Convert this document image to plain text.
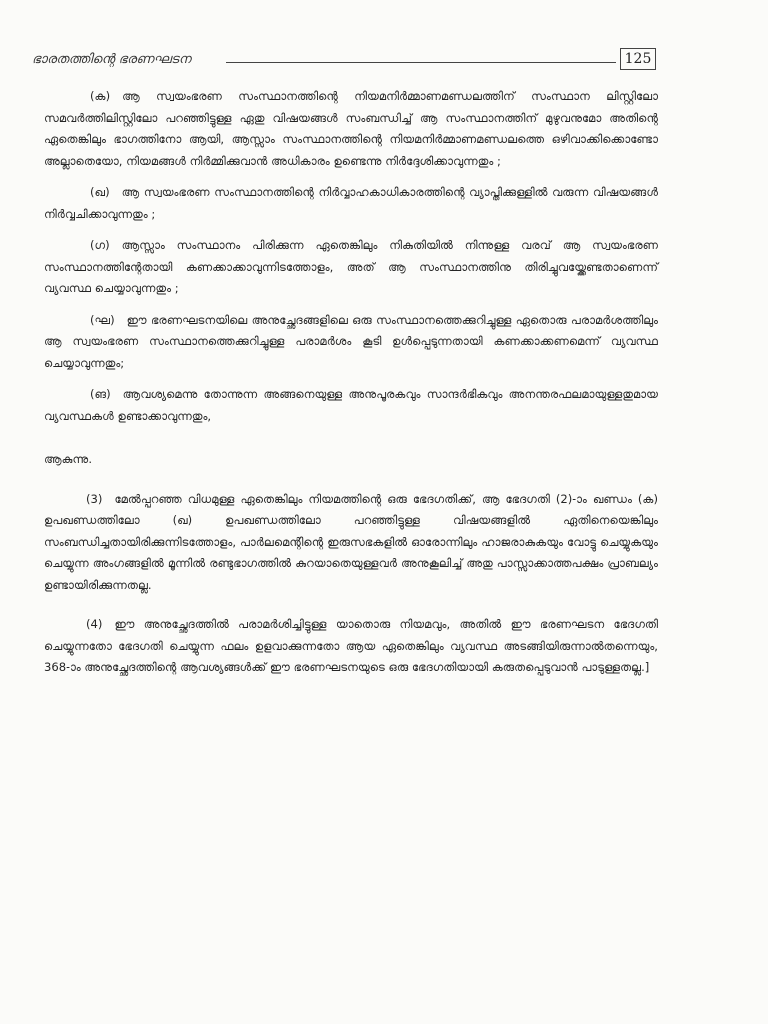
ഭാരതത്തിന്റെ ഭരണഘടന	125

(ക) ആ സ്വയംഭരണ സംസ്ഥാനത്തിന്റെ നിയമനിർമ്മാണമണ്ഡലത്തിന് സംസ്ഥാന ലിസ്റ്റിലോ സമവർത്തിലിസ്റ്റിലോ പറഞ്ഞിട്ടുള്ള ഏതു വിഷയങ്ങൾ സംബന്ധിച്ച് ആ സംസ്ഥാനത്തിന് മുഴുവനുമോ അതിന്റെ ഏതെങ്കിലും ഭാഗത്തിനോ ആയി, ആസ്സാം സംസ്ഥാനത്തിന്റെ നിയമനിർമ്മാണമണ്ഡലത്തെ ഒഴിവാക്കിക്കൊണ്ടോ അല്ലാതെയോ, നിയമങ്ങൾ നിർമ്മിക്കുവാൻ അധികാരം ഉണ്ടെന്നു നിർദ്ദേശിക്കാവുന്നതും ;

(ഖ) ആ സ്വയംഭരണ സംസ്ഥാനത്തിന്റെ നിർവ്വാഹകാധികാരത്തിന്റെ വ്യാപ്തിക്കുള്ളിൽ വരുന്ന വിഷയങ്ങൾ നിർവ്വചിക്കാവുന്നതും ;

(ഗ) ആസ്സാം സംസ്ഥാനം പിരിക്കുന്ന ഏതെങ്കിലും നികുതിയിൽ നിന്നുള്ള വരവ് ആ സ്വയംഭരണ സംസ്ഥാനത്തിന്റേതായി കണക്കാക്കാവുന്നിടത്തോളം, അത് ആ സംസ്ഥാനത്തിനു തിരിച്ചുവയ്ക്കേണ്ടതാണെന്ന് വ്യവസ്ഥ ചെയ്യാവുന്നതും ;

(ഘ) ഈ ഭരണഘടനയിലെ അനുച്ഛേദങ്ങളിലെ ഒരു സംസ്ഥാനത്തെക്കുറിച്ചുള്ള ഏതൊരു പരാമർശത്തിലും ആ സ്വയംഭരണ സംസ്ഥാനത്തെക്കുറിച്ചുള്ള പരാമർശം കൂടി ഉൾപ്പെടുന്നതായി കണക്കാക്കണമെന്ന് വ്യവസ്ഥ ചെയ്യാവുന്നതും;

(ങ) ആവശ്യമെന്നു തോന്നുന്ന അങ്ങനെയുള്ള അനുപൂരകവും സാന്ദർഭികവും അനന്തരഫലമായുള്ളതുമായ വ്യവസ്ഥകൾ ഉണ്ടാക്കാവുന്നതും,

ആകുന്നു.

(3) മേൽപ്പറഞ്ഞ വിധമുള്ള ഏതെങ്കിലും നിയമത്തിന്റെ ഒരു ഭേദഗതിക്ക്, ആ ഭേദഗതി (2)-ാം ഖണ്ഡം (ക) ഉപഖണ്ഡത്തിലോ (ഖ) ഉപഖണ്ഡത്തിലോ പറഞ്ഞിട്ടുള്ള വിഷയങ്ങളിൽ ഏതിനെയെങ്കിലും സംബന്ധിച്ചതായിരിക്കുന്നിടത്തോളം, പാർലമെന്റിന്റെ ഇരുസഭകളിൽ ഓരോന്നിലും ഹാജരാകുകയും വോട്ടു ചെയ്യുകയും ചെയ്യുന്ന അംഗങ്ങളിൽ മൂന്നിൽ രണ്ടുഭാഗത്തിൽ കുറയാതെയുള്ളവർ അനുകൂലിച്ച് അതു പാസ്സാക്കാത്തപക്ഷം പ്രാബല്യം ഉണ്ടായിരിക്കുന്നതല്ല.

(4) ഈ അനുച്ഛേദത്തിൽ പരാമർശിച്ചിട്ടുള്ള യാതൊരു നിയമവും, അതിൽ ഈ ഭരണഘടന ഭേദഗതി ചെയ്യുന്നതോ ഭേദഗതി ചെയ്യുന്ന ഫലം ഉളവാക്കുന്നതോ ആയ ഏതെങ്കിലും വ്യവസ്ഥ അടങ്ങിയിരുന്നാൽതന്നെയും, 368-ാം അനുച്ഛേദത്തിന്റെ ആവശ്യങ്ങൾക്ക് ഈ ഭരണഘടനയുടെ ഒരു ഭേദഗതിയായി കരുതപ്പെടുവാൻ പാടുള്ളതല്ല.]
